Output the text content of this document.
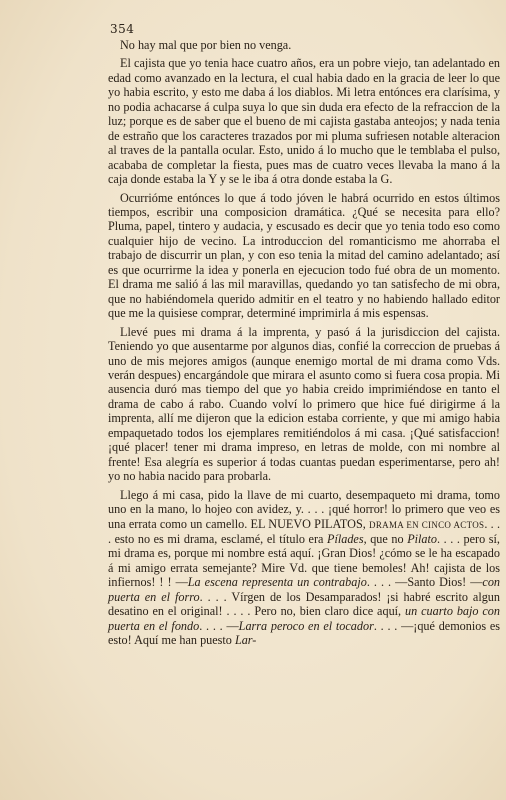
354

No hay mal que por bien no venga.

El cajista que yo tenia hace cuatro años, era un pobre viejo, tan adelantado en edad como avanzado en la lectura, el cual habia dado en la gracia de leer lo que yo habia escrito, y esto me daba á los diablos. Mi letra entónces era clarísima, y no podia achacarse á culpa suya lo que sin duda era efecto de la refraccion de la luz; porque es de saber que el bueno de mi cajista gastaba anteojos; y nada tenia de estraño que los caracteres trazados por mi pluma sufriesen notable alteracion al traves de la pantalla ocular. Esto, unido á lo mucho que le temblaba el pulso, acababa de completar la fiesta, pues mas de cuatro veces llevaba la mano á la caja donde estaba la Y y se le iba á otra donde estaba la G.

Ocurrióme entónces lo que á todo jóven le habrá ocurrido en estos últimos tiempos, escribir una composicion dramática. ¿Qué se necesita para ello? Pluma, papel, tintero y audacia, y escusado es decir que yo tenia todo eso como cualquier hijo de vecino. La introduccion del romanticismo me ahorraba el trabajo de discurrir un plan, y con eso tenia la mitad del camino adelantado; así es que ocurrirme la idea y ponerla en ejecucion todo fué obra de un momento. El drama me salió á las mil maravillas, quedando yo tan satisfecho de mi obra, que no habiéndomela querido admitir en el teatro y no habiendo hallado editor que me la quisiese comprar, determiné imprimirla á mis espensas.

Llevé pues mi drama á la imprenta, y pasó á la jurisdiccion del cajista. Teniendo yo que ausentarme por algunos dias, confié la correccion de pruebas á uno de mis mejores amigos (aunque enemigo mortal de mi drama como Vds. verán despues) encargándole que mirara el asunto como si fuera cosa propia. Mi ausencia duró mas tiempo del que yo habia creido imprimiéndose en tanto el drama de cabo á rabo. Cuando volví lo primero que hice fué dirigirme á la imprenta, allí me dijeron que la edicion estaba corriente, y que mi amigo habia empaquetado todos los ejemplares remitiéndolos á mi casa. ¡Qué satisfaccion! ¡qué placer! tener mi drama impreso, en letras de molde, con mi nombre al frente! Esa alegría es superior á todas cuantas puedan esperimentarse, pero ah! yo no habia nacido para probarla.

Llego á mi casa, pido la llave de mi cuarto, desempaqueto mi drama, tomo uno en la mano, lo hojeo con avidez, y. . . . ¡qué horror! lo primero que veo es una errata como un camello. EL NUEVO PILATOS, DRAMA EN CINCO ACTOS. . . . esto no es mi drama, esclamé, el título era Pílades, que no Pilato. . . . pero sí, mi drama es, porque mi nombre está aquí. ¡Gran Dios! ¿cómo se le ha escapado á mi amigo errata semejante? Mire Vd. que tiene bemoles! Ah! cajista de los infiernos! ! ! —La escena representa un contrabajo. . . . —Santo Dios! —con puerta en el forro. . . . Vírgen de los Desamparados! ¡si habré escrito algun desatino en el original! . . . . Pero no, bien claro dice aquí, un cuarto bajo con puerta en el fondo. . . . —Larra peroco en el tocador. . . . —¡qué demonios es esto! Aquí me han puesto Lar-
